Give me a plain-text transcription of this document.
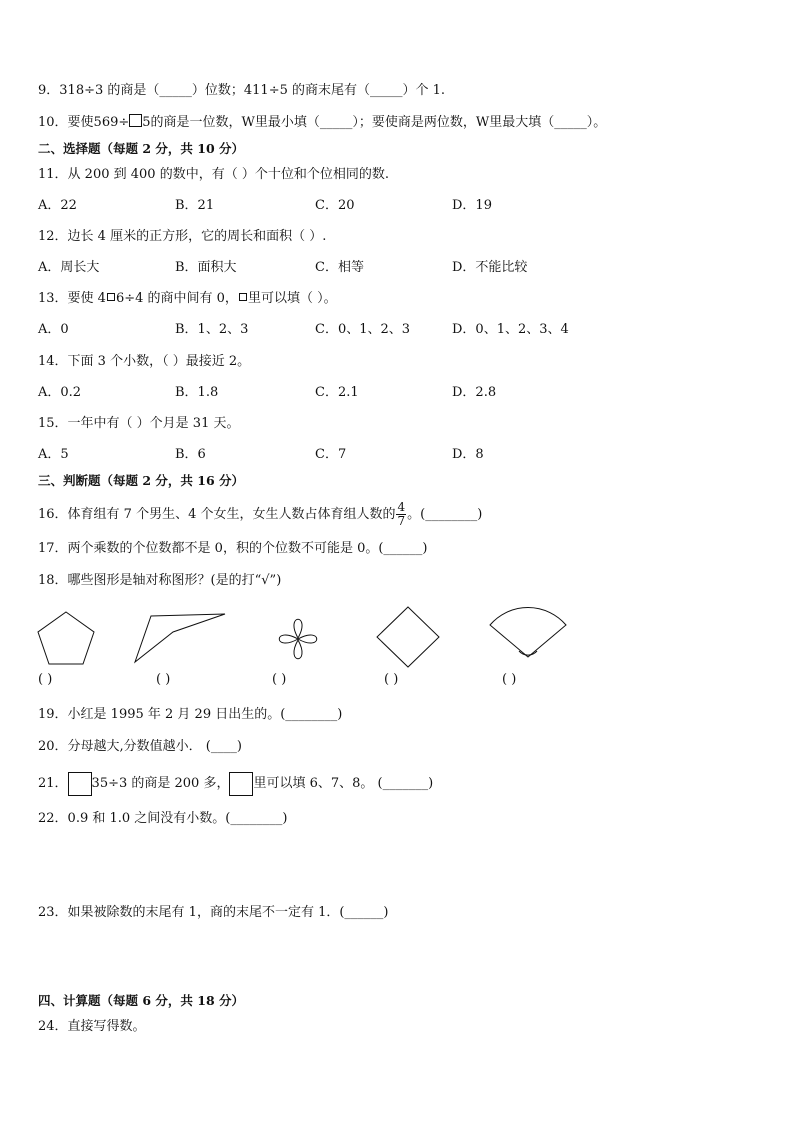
9．318÷3 的商是（_____）位数；411÷5 的商末尾有（_____）个 1.
10．要使569÷ 5的商是一位数，W里最小填（_____）；要使商是两位数，W里最大填（_____）。
二、选择题（每题 2 分，共 10 分）
11．从 200 到 400 的数中，有（ ）个十位和个位相同的数.
A．22	B．21	C．20	D．19
12．边长 4 厘米的正方形，它的周长和面积（ ）.
A．周长大	B．面积大	C．相等	D．不能比较
13．要使 4 6÷4 的商中间有 0， 里可以填（ ）。
A．0	B．1、2、3	C．0、1、2、3	D．0、1、2、3、4
14．下面 3 个小数，（ ）最接近 2。
A．0.2	B．1.8	C．2.1	D．2.8
15．一年中有（ ）个月是 31 天。
A．5	B．6	C．7	D．8
三、判断题（每题 2 分，共 16 分）
16．体育组有 7 个男生、4 个女生，女生人数占体育组人数的 $\frac{4}{7}$ 。(________)
17．两个乘数的个位数都不是 0，积的个位数不可能是 0。(______)
18．哪些图形是轴对称图形？(是的打“√”)
( )	( )	( )	( )	( )
19．小红是 1995 年 2 月 29 日出生的。(________)
20．分母越大,分数值越小． (____)
21． 35÷3 的商是 200 多， 里可以填 6、7、8。 (_______)
22．0.9 和 1.0 之间没有小数。(________)
23．如果被除数的末尾有 1，商的末尾不一定有 1．(______)
四、计算题（每题 6 分，共 18 分）
24．直接写得数。
